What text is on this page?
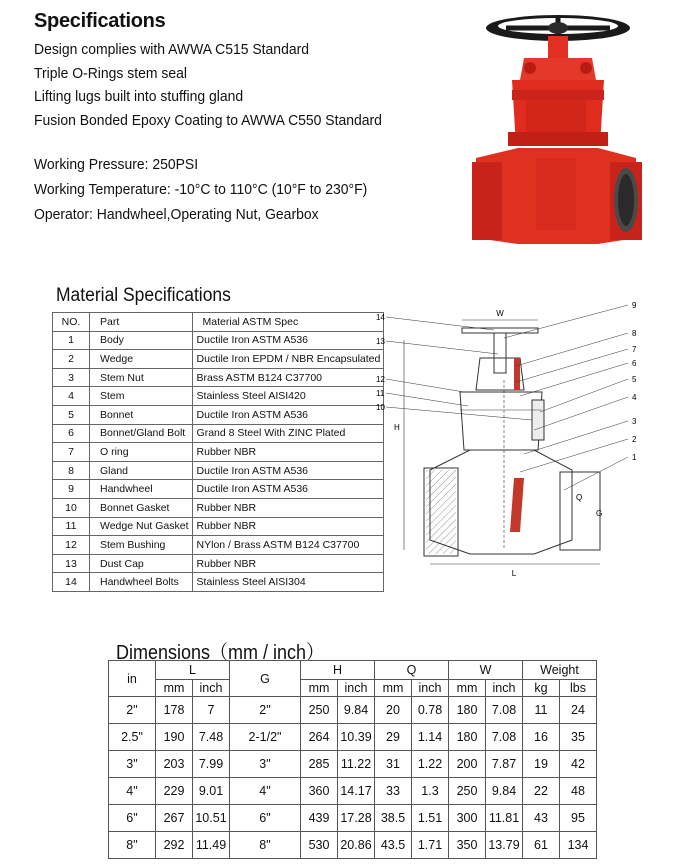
Specifications
Design complies with AWWA C515 Standard
Triple O-Rings stem seal
Lifting lugs built into stuffing gland
Fusion Bonded Epoxy Coating to AWWA C550 Standard
Working Pressure: 250PSI
Working Temperature: -10°C to 110°C (10°F to 230°F)
Operator: Handwheel,Operating Nut, Gearbox
Material Specifications
NO.	Part	Material ASTM Spec
1	Body	Ductile Iron ASTM A536
2	Wedge	Ductile Iron EPDM / NBR Encapsulated
3	Stem Nut	Brass ASTM B124 C37700
4	Stem	Stainless Steel AISI420
5	Bonnet	Ductile Iron ASTM A536
6	Bonnet/Gland Bolt	Grand 8 Steel With ZINC Plated
7	O ring	Rubber NBR
8	Gland	Ductile Iron ASTM A536
9	Handwheel	Ductile Iron ASTM A536
10	Bonnet Gasket	Rubber NBR
11	Wedge Nut Gasket	Rubber NBR
12	Stem Bushing	NYlon / Brass ASTM B124 C37700
13	Dust Cap	Rubber NBR
14	Handwheel Bolts	Stainless Steel AISI304
W
H
L
Q
G
14
13
12
11
10
9
8
7
6
5
4
3
2
1
Dimensions（mm / inch）
in	L		G	H		Q		W		Weight	
	mm	inch		mm	inch	mm	inch	mm	inch	kg	lbs
2"	178	7	2"	250	9.84	20	0.78	180	7.08	11	24
2.5"	190	7.48	2-1/2"	264	10.39	29	1.14	180	7.08	16	35
3"	203	7.99	3"	285	11.22	31	1.22	200	7.87	19	42
4"	229	9.01	4"	360	14.17	33	1.3	250	9.84	22	48
6"	267	10.51	6"	439	17.28	38.5	1.51	300	11.81	43	95
8"	292	11.49	8"	530	20.86	43.5	1.71	350	13.79	61	134
